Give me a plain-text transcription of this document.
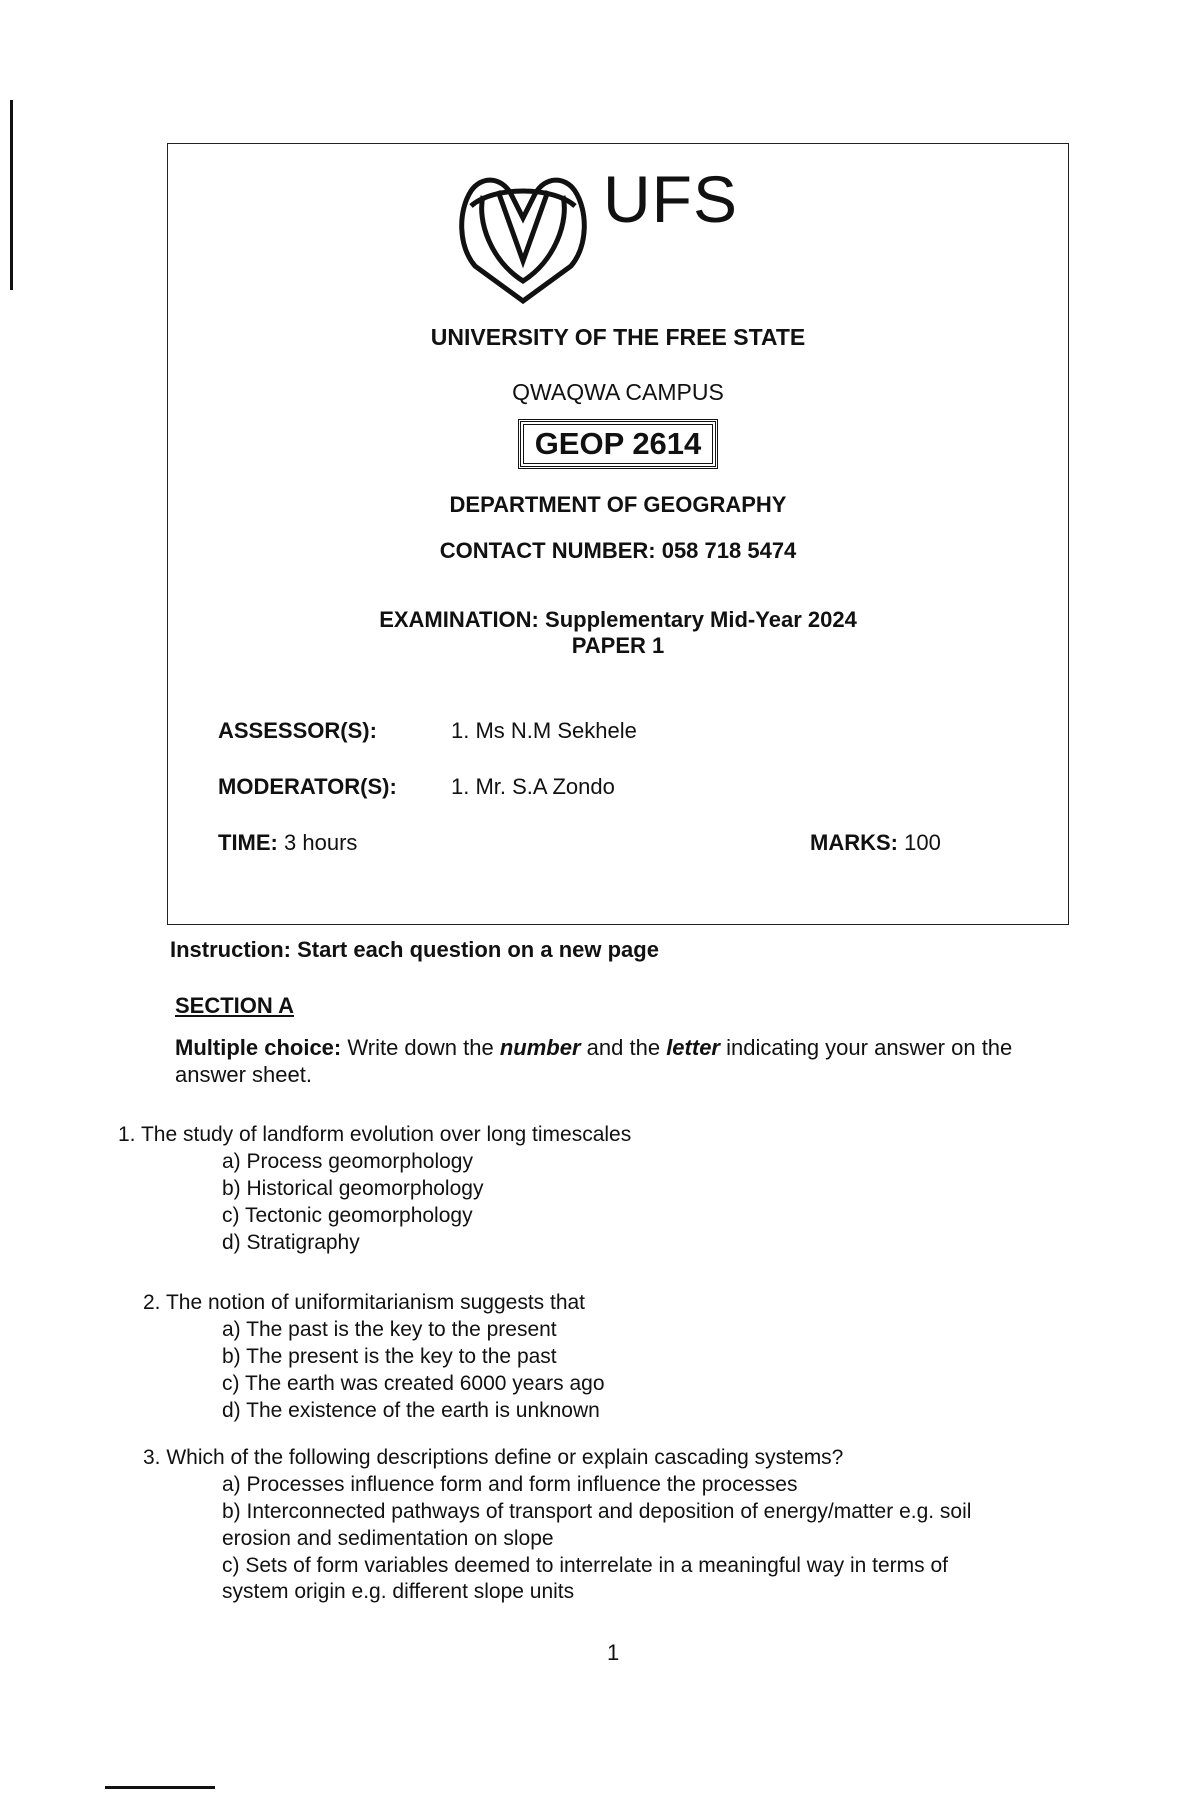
UFS
UNIVERSITY OF THE FREE STATE
QWAQWA CAMPUS
GEOP 2614
DEPARTMENT OF GEOGRAPHY
CONTACT NUMBER: 058 718 5474
EXAMINATION: Supplementary Mid-Year 2024
PAPER 1
ASSESSOR(S):	1. Ms N.M Sekhele
MODERATOR(S): 1. Mr. S.A Zondo
TIME: 3 hours	MARKS: 100
Instruction: Start each question on a new page
SECTION A
Multiple choice: Write down the number and the letter indicating your answer on the answer sheet.
1. The study of landform evolution over long timescales
a) Process geomorphology
b) Historical geomorphology
c) Tectonic geomorphology
d) Stratigraphy
2. The notion of uniformitarianism suggests that
a) The past is the key to the present
b) The present is the key to the past
c) The earth was created 6000 years ago
d) The existence of the earth is unknown
3. Which of the following descriptions define or explain cascading systems?
a) Processes influence form and form influence the processes
b) Interconnected pathways of transport and deposition of energy/matter e.g. soil
erosion and sedimentation on slope
c) Sets of form variables deemed to interrelate in a meaningful way in terms of
system origin e.g. different slope units
1
